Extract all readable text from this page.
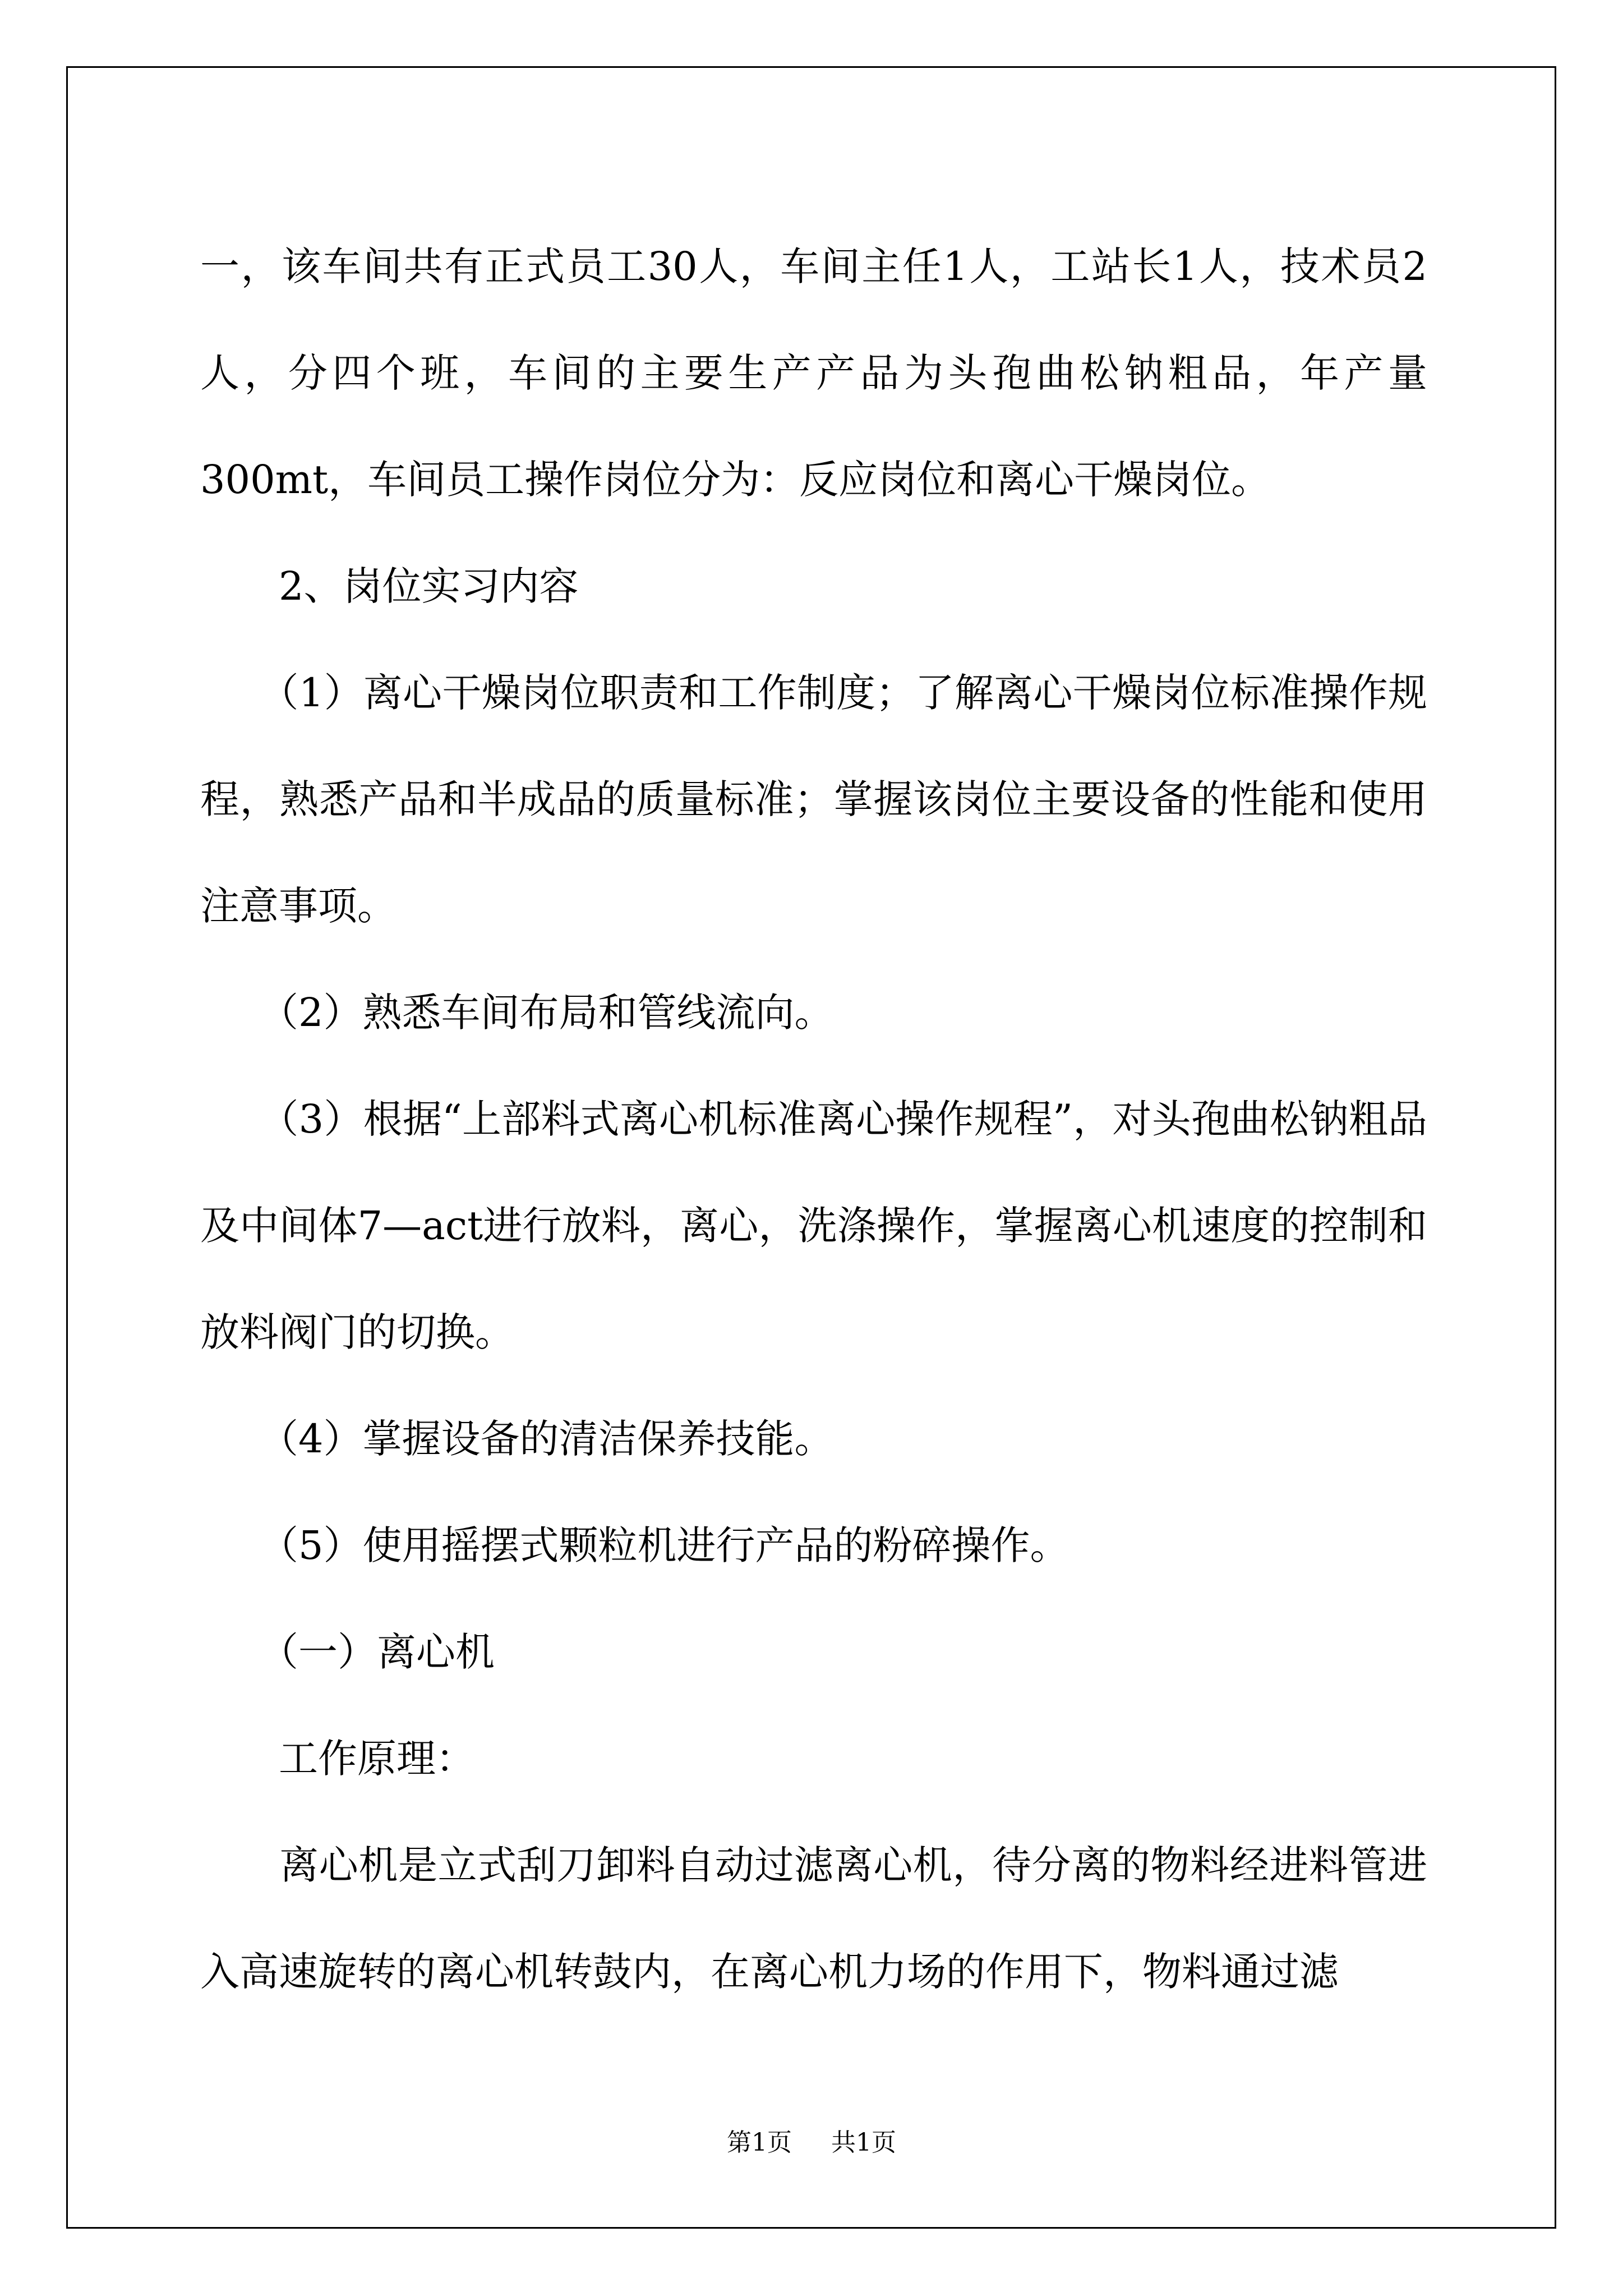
一，该车间共有正式员工30人，车间主任1人，工站长1人，技术员2人，分四个班，车间的主要生产产品为头孢曲松钠粗品，年产量300mt，车间员工操作岗位分为：反应岗位和离心干燥岗位。

　　2、岗位实习内容

　　（1）离心干燥岗位职责和工作制度；了解离心干燥岗位标准操作规程，熟悉产品和半成品的质量标准；掌握该岗位主要设备的性能和使用注意事项。

　　（2）熟悉车间布局和管线流向。

　　（3）根据“上部料式离心机标准离心操作规程”，对头孢曲松钠粗品及中间体7—act进行放料，离心，洗涤操作，掌握离心机速度的控制和放料阀门的切换。

　　（4）掌握设备的清洁保养技能。

　　（5）使用摇摆式颗粒机进行产品的粉碎操作。

　　（一）离心机

　　工作原理：

　　离心机是立式刮刀卸料自动过滤离心机，待分离的物料经进料管进入高速旋转的离心机转鼓内，在离心机力场的作用下，物料通过滤

第1页 共1页
